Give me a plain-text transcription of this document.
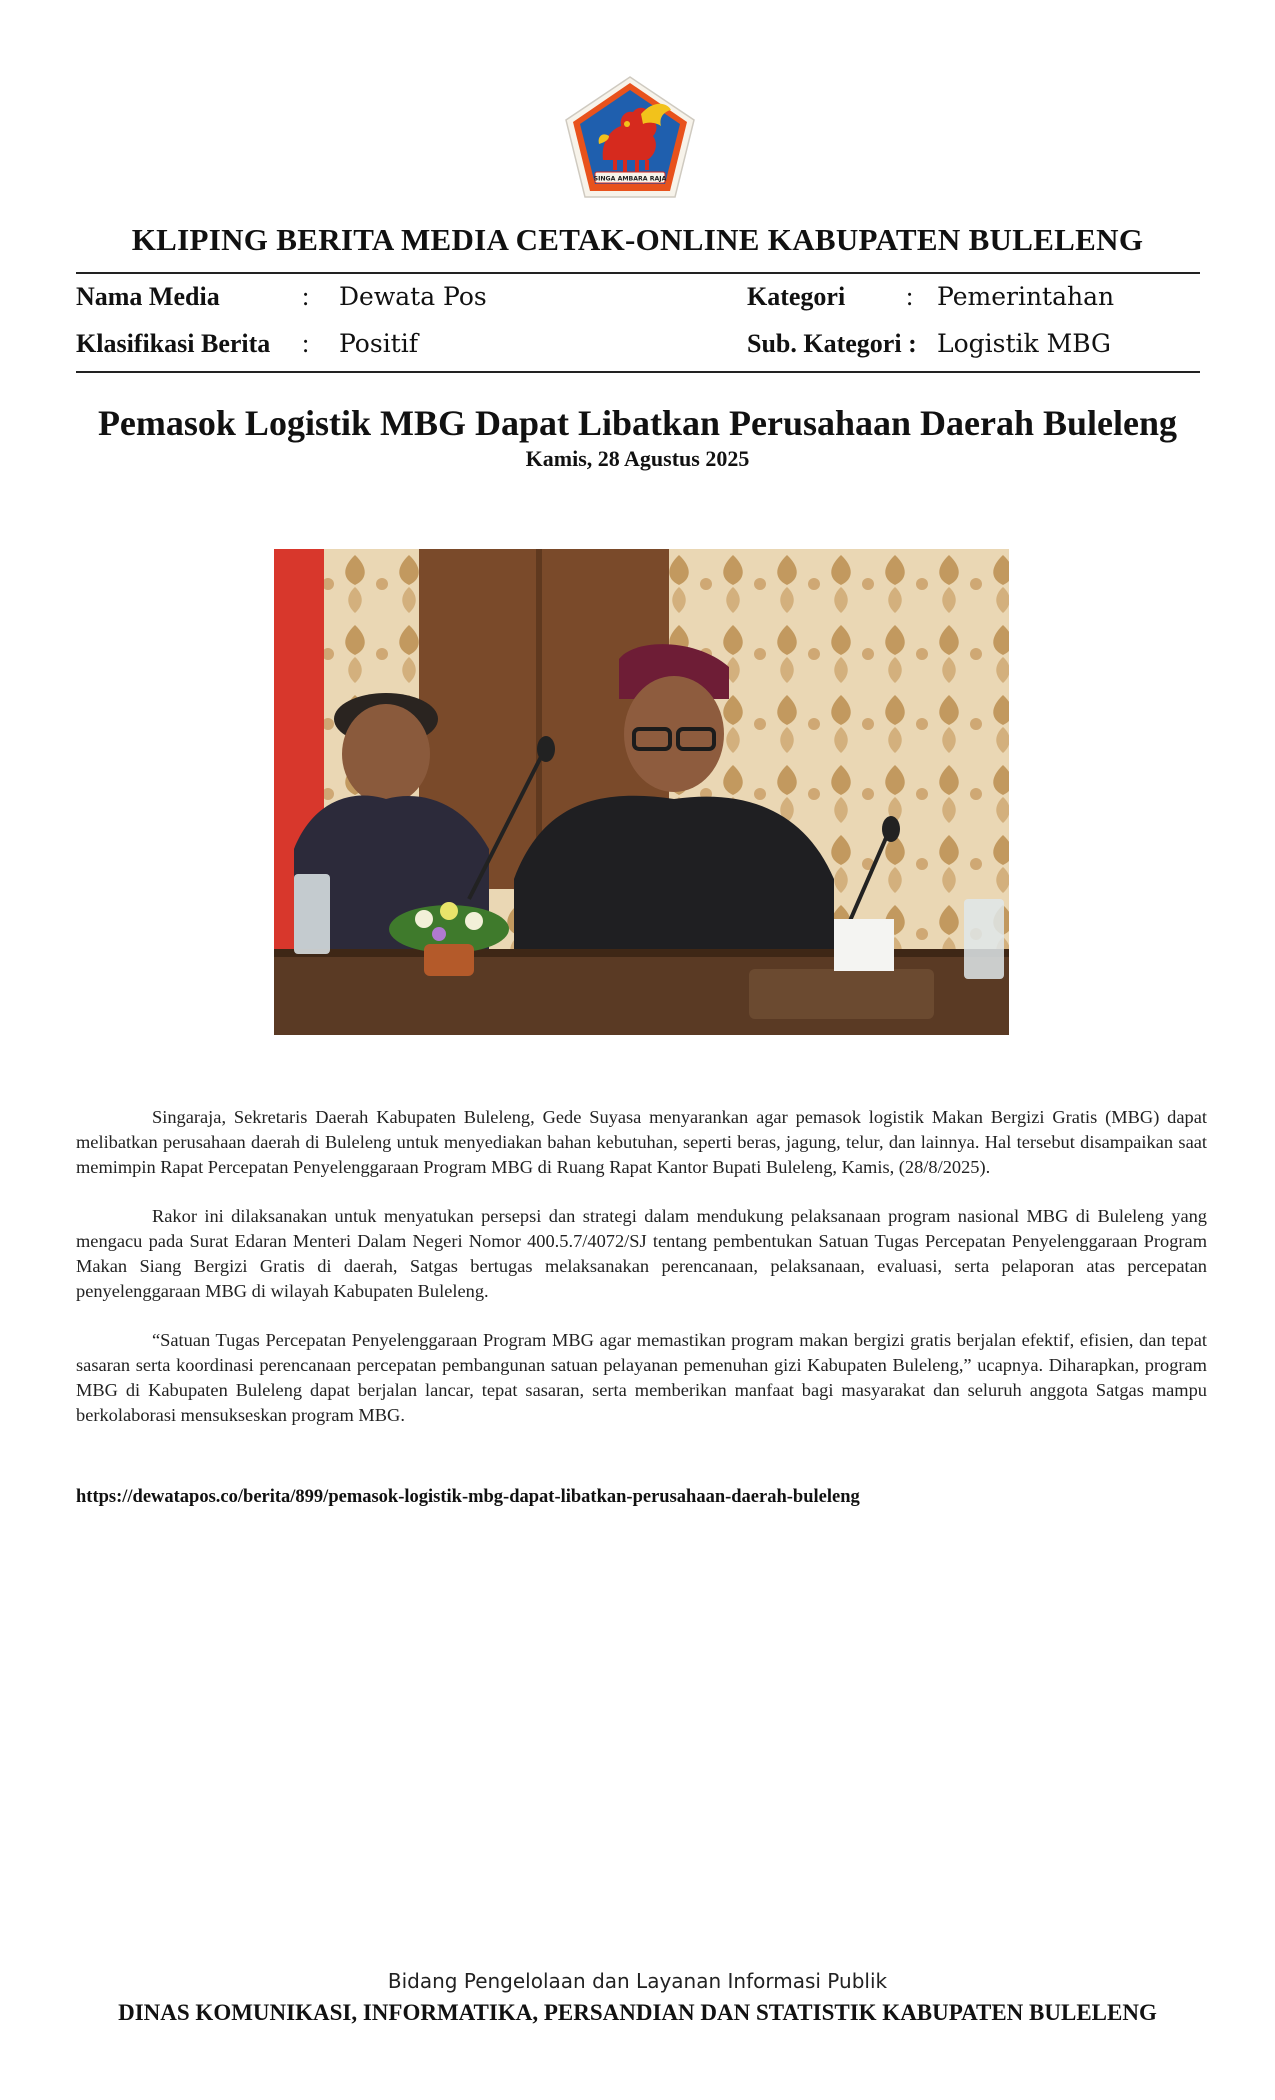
SINGA AMBARA RAJA
KLIPING BERITA MEDIA CETAK-ONLINE KABUPATEN BULELENG
Nama Media	: Dewata Pos	Kategori : Pemerintahan
Klasifikasi Berita : Positif	Sub. Kategori : Logistik MBG
Pemasok Logistik MBG Dapat Libatkan Perusahaan Daerah Buleleng
Kamis, 28 Agustus 2025

Singaraja, Sekretaris Daerah Kabupaten Buleleng, Gede Suyasa menyarankan agar pemasok logistik Makan Bergizi Gratis (MBG) dapat melibatkan perusahaan daerah di Buleleng untuk menyediakan bahan kebutuhan, seperti beras, jagung, telur, dan lainnya. Hal tersebut disampaikan saat memimpin Rapat Percepatan Penyelenggaraan Program MBG di Ruang Rapat Kantor Bupati Buleleng, Kamis, (28/8/2025).

Rakor ini dilaksanakan untuk menyatukan persepsi dan strategi dalam mendukung pelaksanaan program nasional MBG di Buleleng yang mengacu pada Surat Edaran Menteri Dalam Negeri Nomor 400.5.7/4072/SJ tentang pembentukan Satuan Tugas Percepatan Penyelenggaraan Program Makan Siang Bergizi Gratis di daerah, Satgas bertugas melaksanakan perencanaan, pelaksanaan, evaluasi, serta pelaporan atas percepatan penyelenggaraan MBG di wilayah Kabupaten Buleleng.

“Satuan Tugas Percepatan Penyelenggaraan Program MBG agar memastikan program makan bergizi gratis berjalan efektif, efisien, dan tepat sasaran serta koordinasi perencanaan percepatan pembangunan satuan pelayanan pemenuhan gizi Kabupaten Buleleng,” ucapnya. Diharapkan, program MBG di Kabupaten Buleleng dapat berjalan lancar, tepat sasaran, serta memberikan manfaat bagi masyarakat dan seluruh anggota Satgas mampu berkolaborasi mensukseskan program MBG.

https://dewatapos.co/berita/899/pemasok-logistik-mbg-dapat-libatkan-perusahaan-daerah-buleleng
Bidang Pengelolaan dan Layanan Informasi Publik
DINAS KOMUNIKASI, INFORMATIKA, PERSANDIAN DAN STATISTIK KABUPATEN BULELENG
